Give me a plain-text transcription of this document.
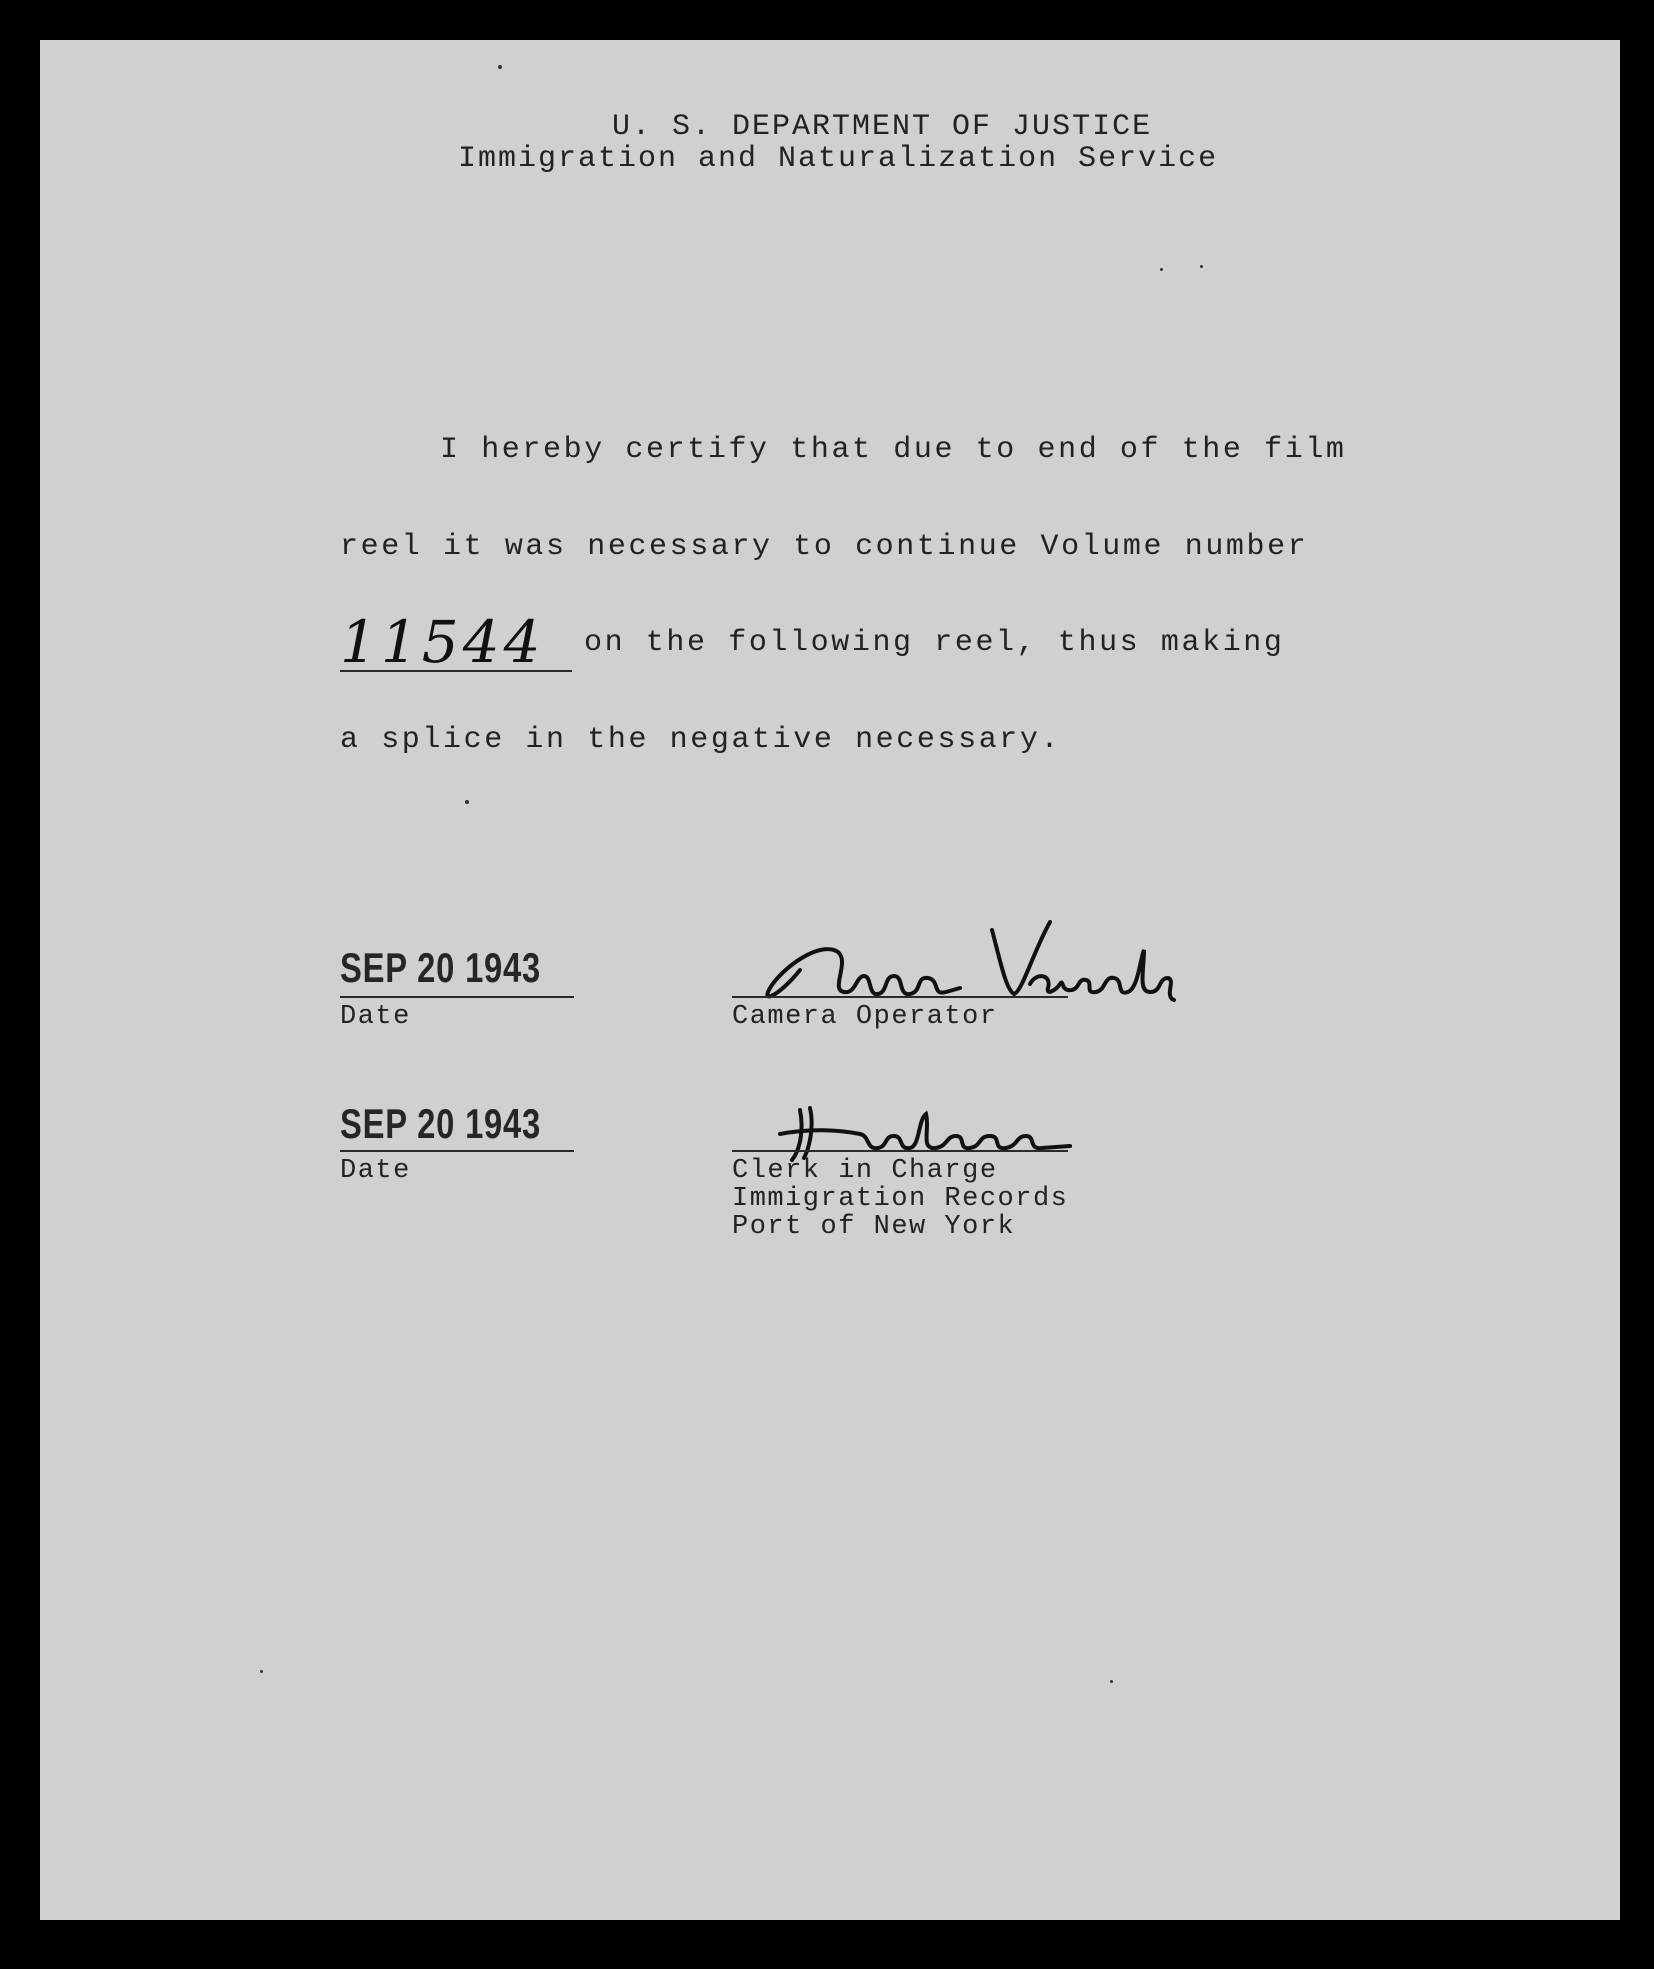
U. S. DEPARTMENT OF JUSTICE
Immigration and Naturalization Service
I hereby certify that due to end of the film
reel it was necessary to continue Volume number
11544 on the following reel, thus making
a splice in the negative necessary.
SEP 20 1943
Date	Camera Operator
SEP 20 1943
Date	Clerk in Charge
Immigration Records
Port of New York
